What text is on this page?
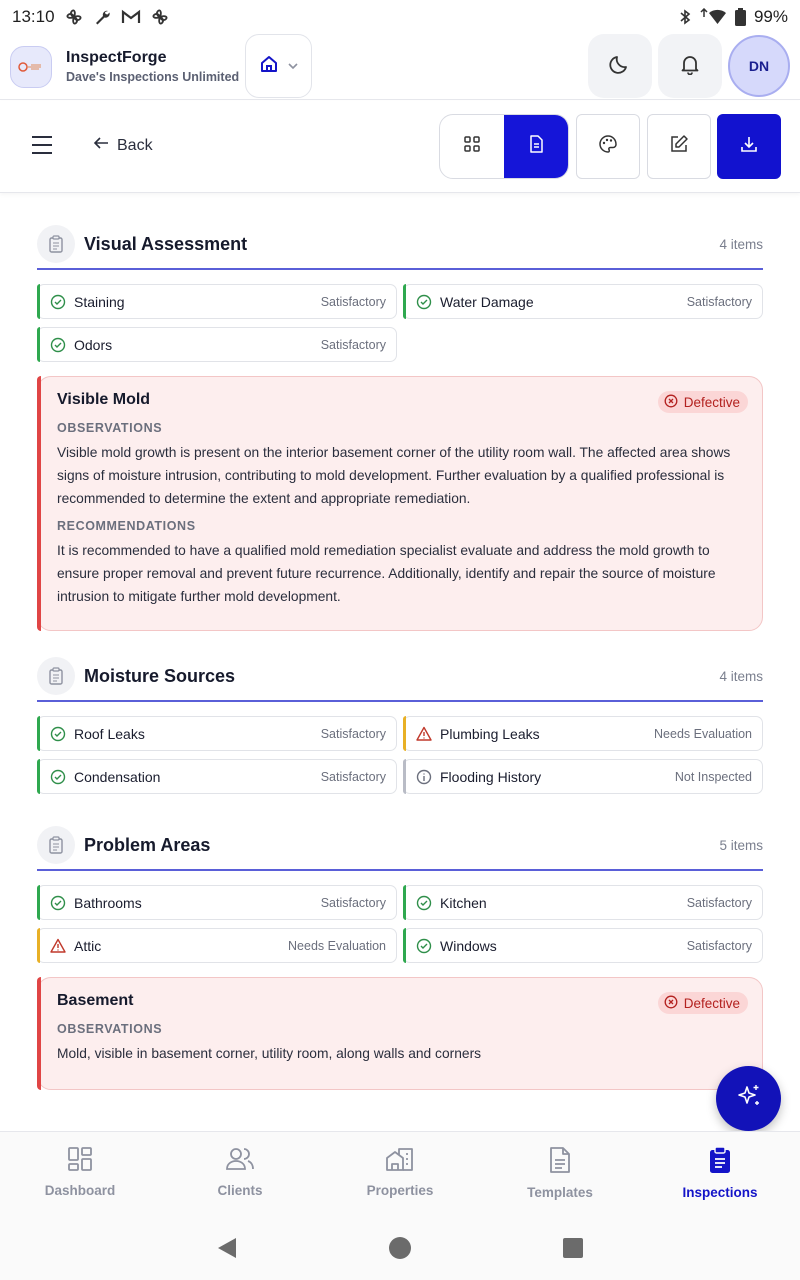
13:10	99%
InspectForge
Dave's Inspections Unlimited
DN
Back
Visual Assessment	4 items
Staining	Satisfactory	Water Damage	Satisfactory
Odors	Satisfactory
Visible Mold	Defective
OBSERVATIONS
Visible mold growth is present on the interior basement corner of the utility room wall. The affected area shows signs of moisture intrusion, contributing to mold development. Further evaluation by a qualified professional is recommended to determine the extent and appropriate remediation.
RECOMMENDATIONS
It is recommended to have a qualified mold remediation specialist evaluate and address the mold growth to ensure proper removal and prevent future recurrence. Additionally, identify and repair the source of moisture intrusion to mitigate further mold development.
Moisture Sources	4 items
Roof Leaks	Satisfactory	Plumbing Leaks	Needs Evaluation
Condensation	Satisfactory	Flooding History	Not Inspected
Problem Areas	5 items
Bathrooms	Satisfactory	Kitchen	Satisfactory
Attic	Needs Evaluation	Windows	Satisfactory
Basement	Defective
OBSERVATIONS
Mold, visible in basement corner, utility room, along walls and corners
Dashboard	Clients	Properties	Templates	Inspections
